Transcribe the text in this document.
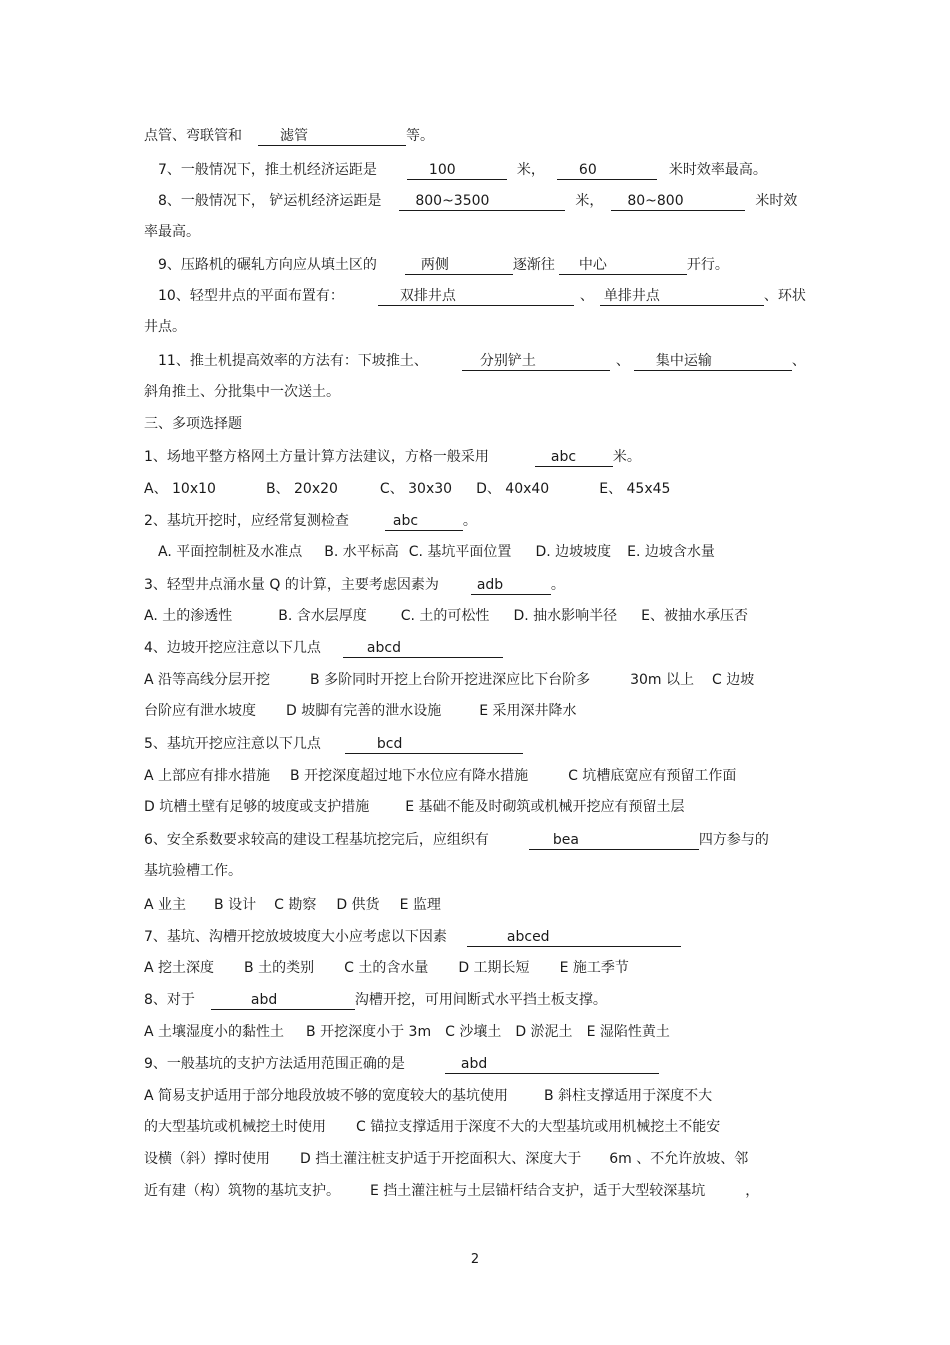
点管、弯联管和	滤管	等。
7、一般情况下，推土机经济运距是	100	米， 60	米时效率最高。
8、一般情况下， 铲运机经济运距是 800~3500	米， 80~800	米时效
率最高。
9、压路机的碾轧方向应从填土区的	两侧	逐渐往 中心	开行。
10、轻型井点的平面布置有：	双排井点	、 单排井点	、环状
井点。
11、推土机提高效率的方法有：下坡推土、	分别铲土	、 集中运输	、
斜角推土、分批集中一次送土。
三、多项选择题
1、场地平整方格网土方量计算方法建议，方格一般采用	abc	米。
A、 10x10	B、 20x20	C、 30x30 D、 40x40	E、 45x45
2、基坑开挖时，应经常复测检查	abc	。
A. 平面控制桩及水准点 B. 水平标高 C. 基坑平面位置 D. 边坡坡度 E. 边坡含水量
3、轻型井点涌水量 Q 的计算，主要考虑因素为	adb	。
A. 土的渗透性	B. 含水层厚度 C. 土的可松性 D. 抽水影响半径 E、被抽水承压否
4、边坡开挖应注意以下几点	abcd
A 沿等高线分层开挖	B 多阶同时开挖上台阶开挖进深应比下台阶多	30m 以上 C 边坡
台阶应有泄水坡度 D 坡脚有完善的泄水设施	E 采用深井降水
5、基坑开挖应注意以下几点	bcd
A 上部应有排水措施 B 开挖深度超过地下水位应有降水措施	C 坑槽底宽应有预留工作面
D 坑槽土壁有足够的坡度或支护措施	E 基础不能及时砌筑或机械开挖应有预留土层
6、安全系数要求较高的建设工程基坑挖完后，应组织有	bea	四方参与的
基坑验槽工作。
A 业主 B 设计 C 勘察 D 供货 E 监理
7、基坑、沟槽开挖放坡坡度大小应考虑以下因素	abced
A 挖土深度 B 土的类别 C 土的含水量 D 工期长短 E 施工季节
8、对于	abd	沟槽开挖，可用间断式水平挡土板支撑。
A 土壤湿度小的黏性土 B 开挖深度小于 3m C 沙壤土 D 淤泥土 E 湿陷性黄土
9、一般基坑的支护方法适用范围正确的是	abd
A 简易支护适用于部分地段放坡不够的宽度较大的基坑使用	B 斜柱支撑适用于深度不大
的大型基坑或机械挖土时使用 C 锚拉支撑适用于深度不大的大型基坑或用机械挖土不能安
设横（斜）撑时使用 D 挡土灌注桩支护适于开挖面积大、深度大于 6m 、不允许放坡、邻
近有建（构）筑物的基坑支护。 E 挡土灌注桩与土层锚杆结合支护，适于大型较深基坑	，
2
